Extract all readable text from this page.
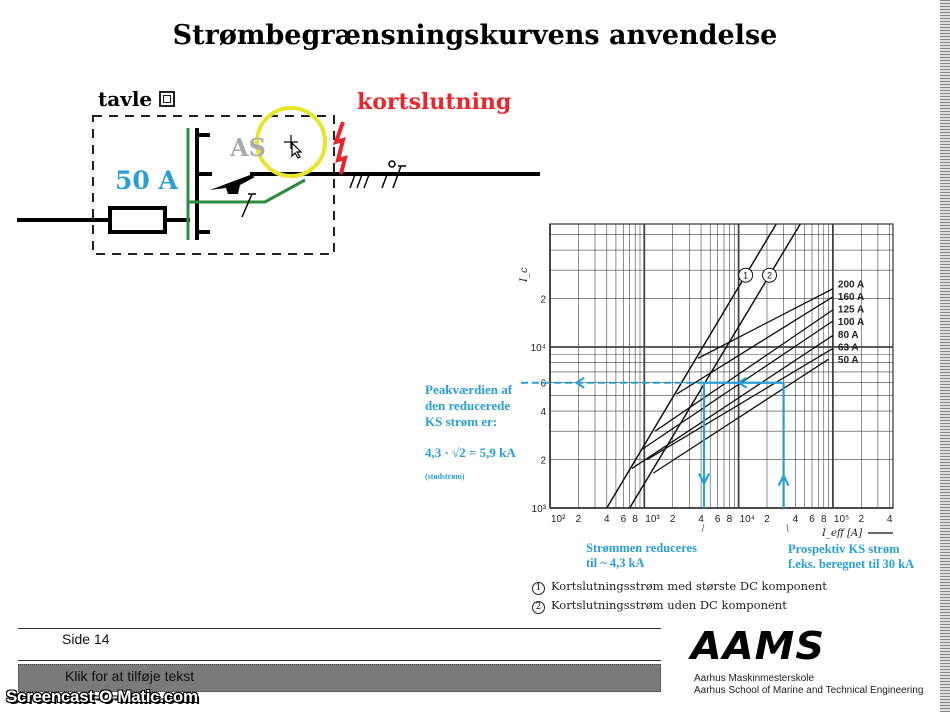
Strømbegrænsningskurvens anvendelse
tavle
50 A
AS
kortslutning
10² 2 4 6 8 10³ 2 4 6 8 10⁴ 2 4 6 8 10⁵ 2 4
10³
2
4
6
10⁴
2
I_eff [A]
I_c	1 2
200 A
160 A
125 A
100 A
80 A
63 A
50 A
Peakværdien af
den reducerede
KS strøm er:
4,3 · √2 = 5,9 kA
(stødstrøm)
Strømmen reduceres
til ~ 4,3 kA
Prospektiv KS strøm
f.eks. beregnet til 30 kA
1 Kortslutningsstrøm med største DC komponent
2 Kortslutningsstrøm uden DC komponent
Side 14
Klik for at tilføje tekst
AAMS
Aarhus Maskinmesterskole
Aarhus School of Marine and Technical Engineering
Screencast-O-Matic.com
